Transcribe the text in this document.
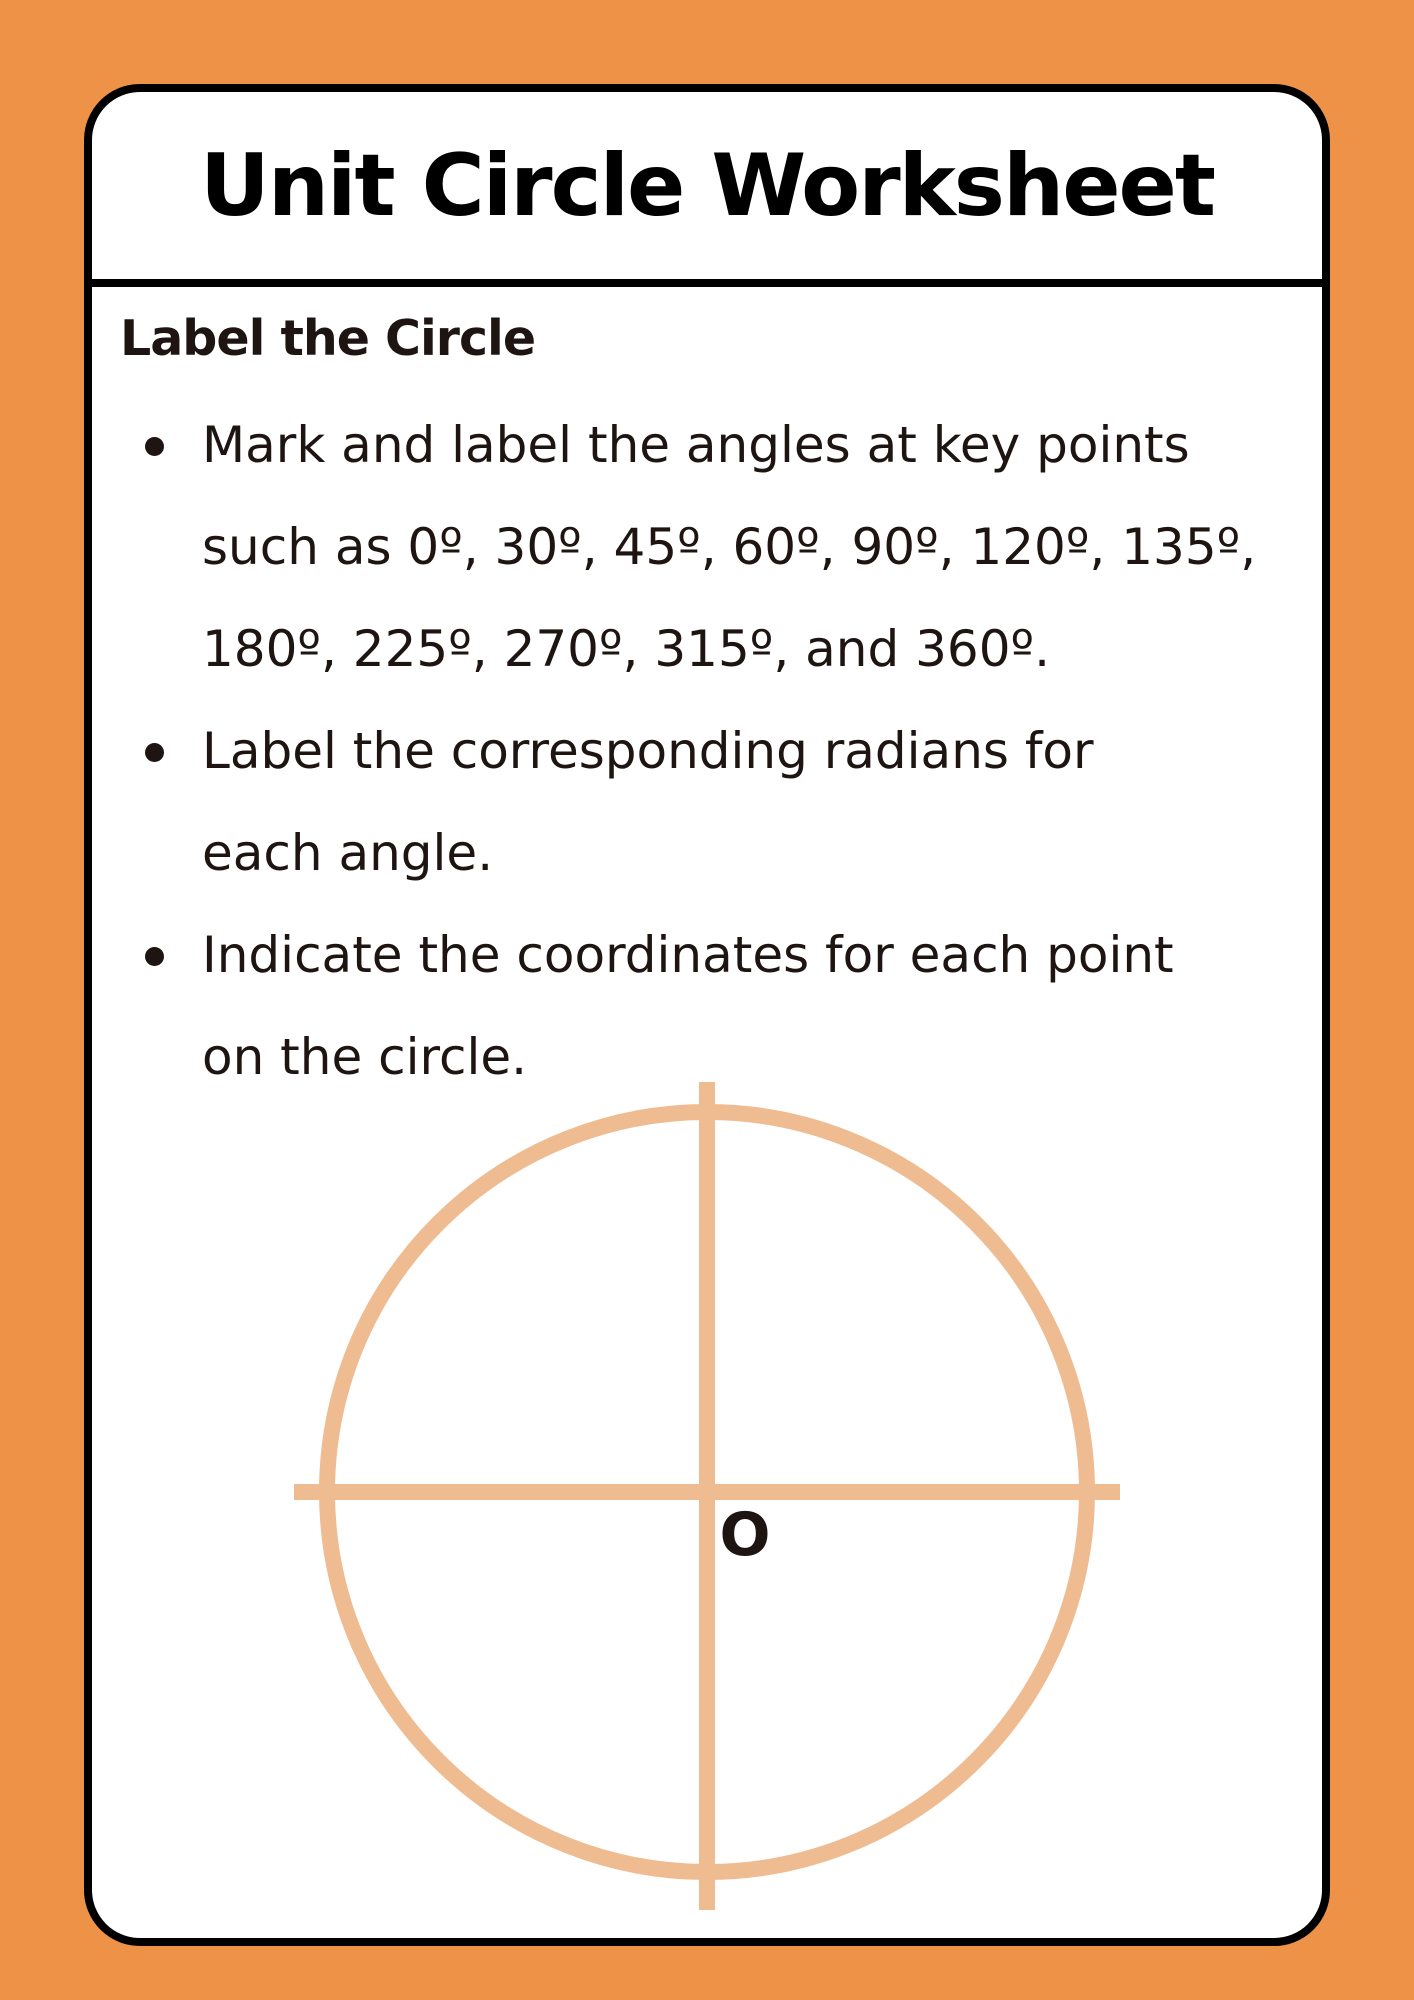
Unit Circle Worksheet
Label the Circle
Mark and label the angles at key points
such as 0º, 30º, 45º, 60º, 90º, 120º, 135º,
180º, 225º, 270º, 315º, and 360º.
Label the corresponding radians for
each angle.
Indicate the coordinates for each point
on the circle.
O
